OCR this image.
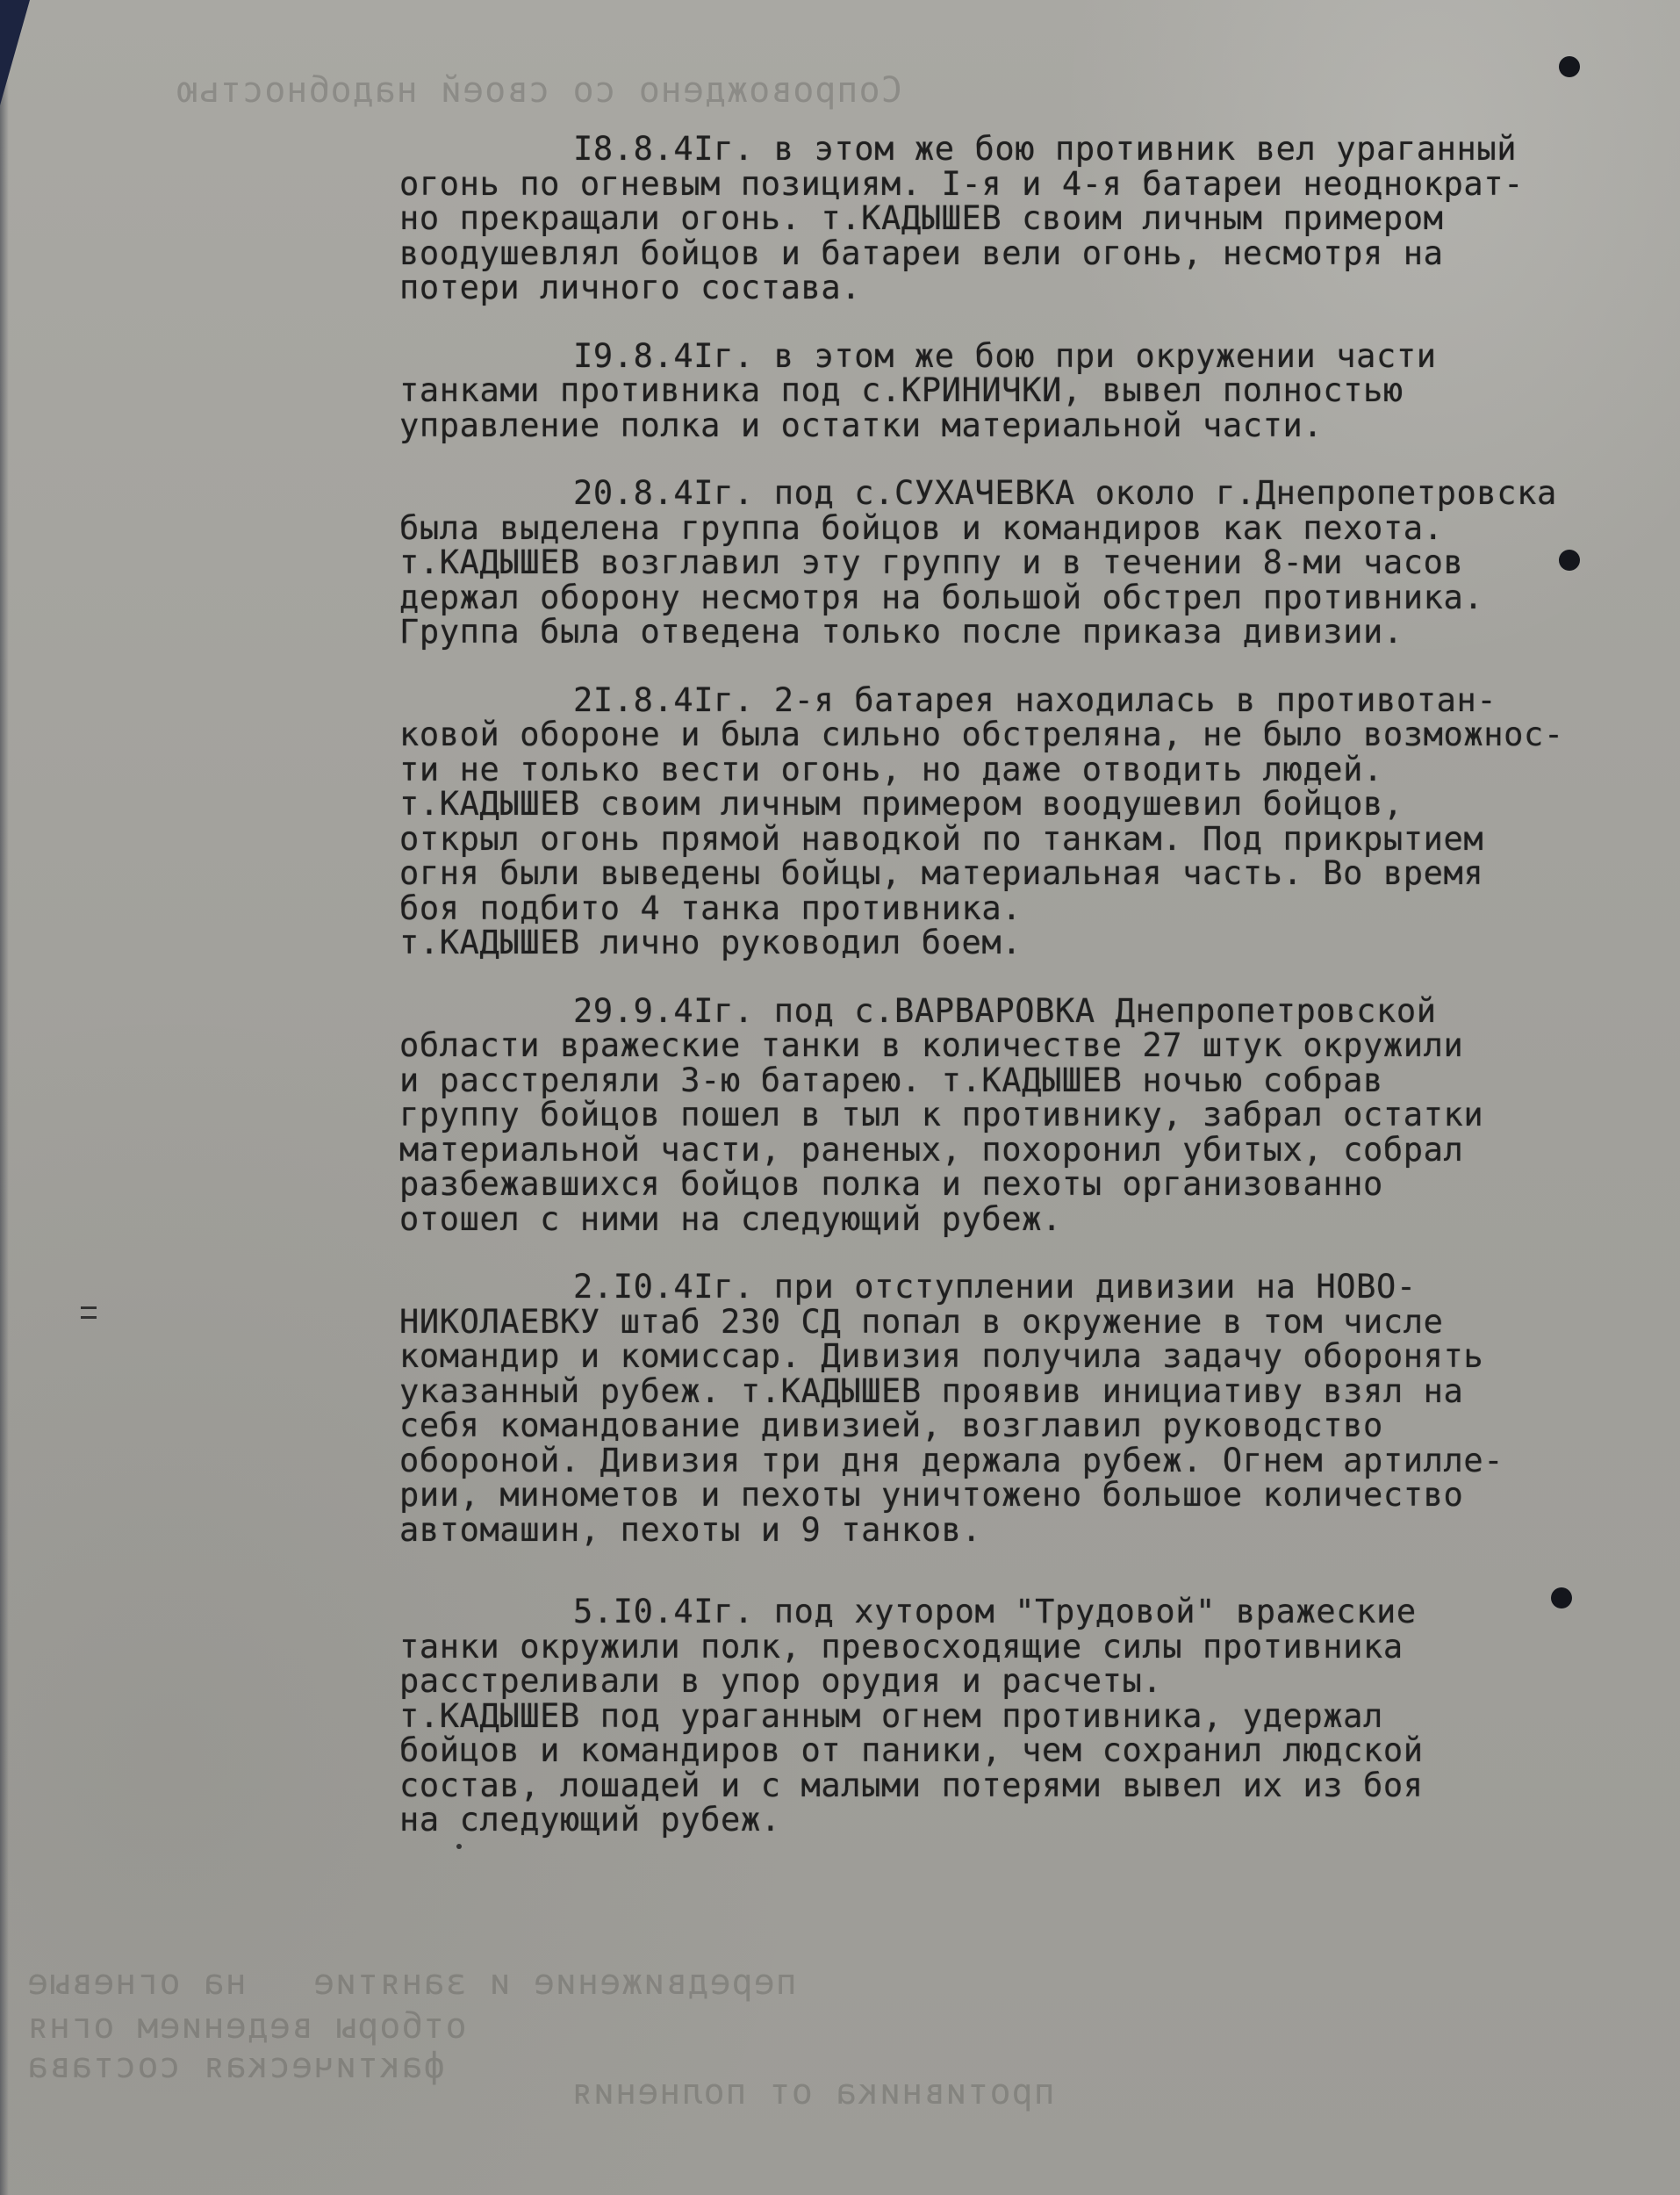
Сопровождено со своей надобностью
передвижение и занятие   на огневые
отборы ведением огня
фактическая состава
противника от полнения
I8.8.4Iг. в этом же бою противник вел ураганный
огонь по огневым позициям. I-я и 4-я батареи неоднократ-
но прекращали огонь. т.КАДЫШЕВ своим личным примером
воодушевлял бойцов и батареи вели огонь, несмотря на
потери личного состава.
I9.8.4Iг. в этом же бою при окружении части
танками противника под с.КРИНИЧКИ, вывел полностью
управление полка и остатки материальной части.
20.8.4Iг. под с.СУХАЧЕВКА около г.Днепропетровска
была выделена группа бойцов и командиров как пехота.
т.КАДЫШЕВ возглавил эту группу и в течении 8-ми часов
держал оборону несмотря на большой обстрел противника.
Группа была отведена только после приказа дивизии.
2I.8.4Iг. 2-я батарея находилась в противотан-
ковой обороне и была сильно обстреляна, не было возможнос-
ти не только вести огонь, но даже отводить людей.
т.КАДЫШЕВ своим личным примером воодушевил бойцов,
открыл огонь прямой наводкой по танкам. Под прикрытием
огня были выведены бойцы, материальная часть. Во время
боя подбито 4 танка противника.
т.КАДЫШЕВ лично руководил боем.
29.9.4Iг. под с.ВАРВАРОВКА Днепропетровской
области вражеские танки в количестве 27 штук окружили
и расстреляли 3-ю батарею. т.КАДЫШЕВ ночью собрав
группу бойцов пошел в тыл к противнику, забрал остатки
материальной части, раненых, похоронил убитых, собрал
разбежавшихся бойцов полка и пехоты организованно
отошел с ними на следующий рубеж.
2.I0.4Iг. при отступлении дивизии на НОВО-
НИКОЛАЕВКУ штаб 230 СД попал в окружение в том числе
командир и комиссар. Дивизия получила задачу оборонять
указанный рубеж. т.КАДЫШЕВ проявив инициативу взял на
себя командование дивизией, возглавил руководство
обороной. Дивизия три дня держала рубеж. Огнем артилле-
рии, минометов и пехоты уничтожено большое количество
автомашин, пехоты и 9 танков.
5.I0.4Iг. под хутором "Трудовой" вражеские
танки окружили полк, превосходящие силы противника
расстреливали в упор орудия и расчеты.
т.КАДЫШЕВ под ураганным огнем противника, удержал
бойцов и командиров от паники, чем сохранил людской
состав, лошадей и с малыми потерями вывел их из боя
на следующий рубеж.
